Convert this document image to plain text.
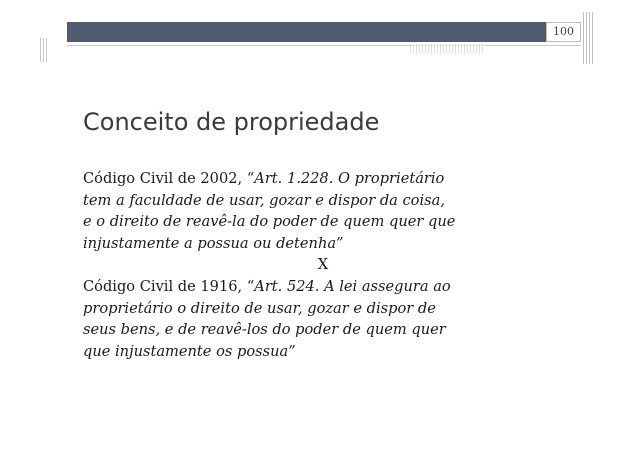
100
Conceito de propriedade
Código Civil de 2002, “Art. 1.228. O proprietário
tem a faculdade de usar, gozar e dispor da coisa,
e o direito de reavê-la do poder de quem quer que
injustamente a possua ou detenha”
X
Código Civil de 1916, “Art. 524. A lei assegura ao
proprietário o direito de usar, gozar e dispor de
seus bens, e de reavê-los do poder de quem quer
que injustamente os possua”
